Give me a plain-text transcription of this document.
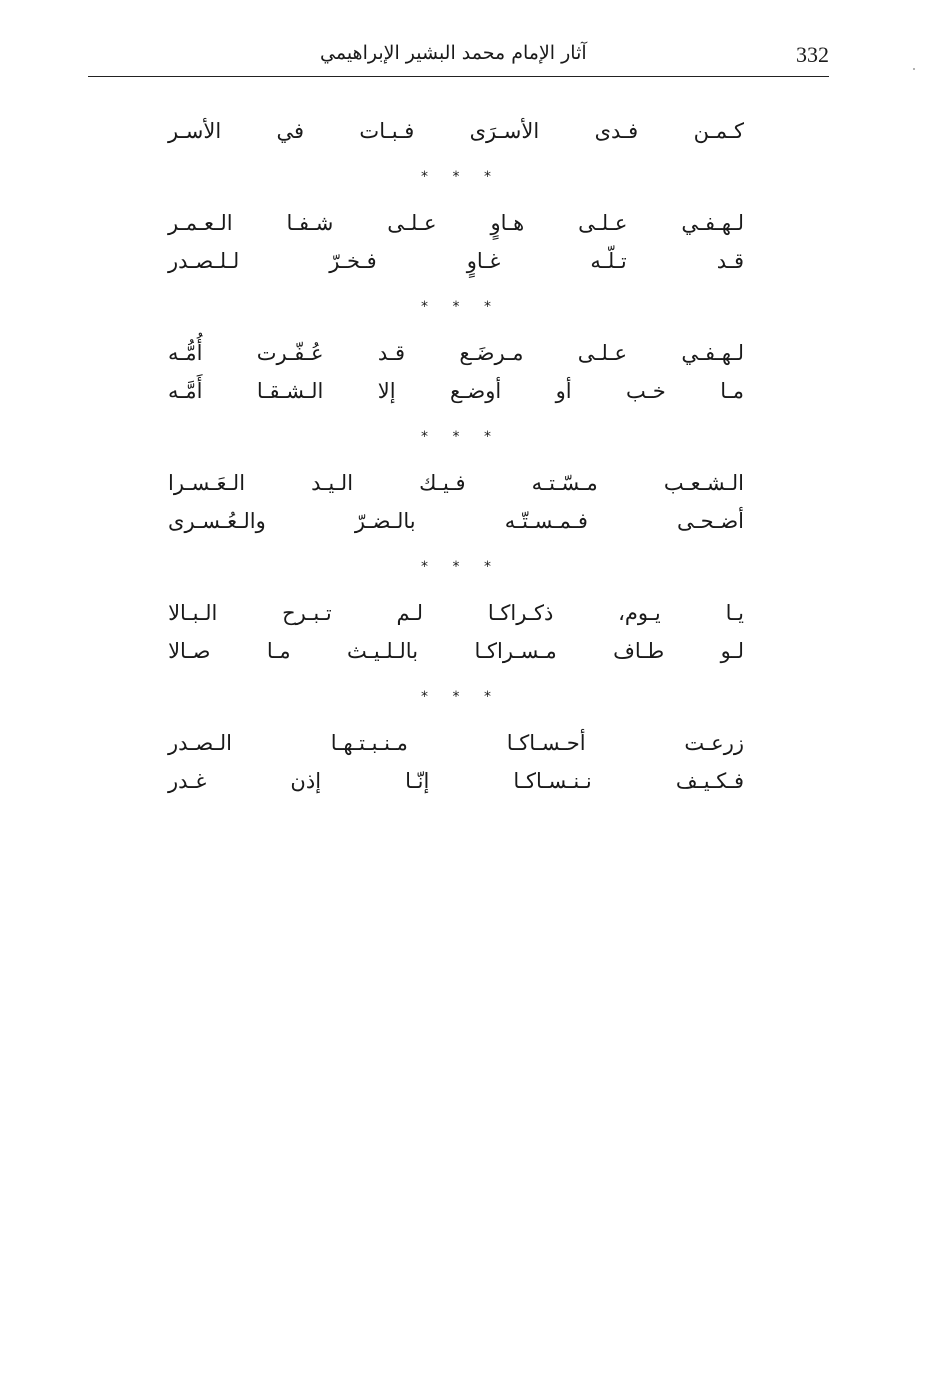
332
آثار الإمام محمد البشير الإبراهيمي
كـمـن
فـدى
الأسـرَى
فـبـات
في
الأسـر
* * *
لـهـفـي
عـلـى
هـاوٍ
عـلـى
شـفـا
الـعـمـر
قـد
تـلّـه
غـاوٍ
فـخـرّ
لـلـصـدر
* * *
لـهـفـي
عـلـى
مـرضَـع
قـد
عُـفّـرت
أُمُّـه
مـا
خـب
أو
أوضـع
إلا
الـشـقـا
أَمَّـه
* * *
الـشـعـب
مـسّـتـه
فـيـك
الـيـد
الـعَـسـرا
أضـحـى
فـمـسـتّـه
بالـضـرّ
والـعُـسـرى
* * *
يـا
يـوم،
ذكـراكـا
لـم
تـبـرح
الـبـالا
لـو
طـاف
مـسـراكـا
بالـلـيـث
مـا
صـالا
* * *
زرعـت
أحـسـاكـا
مـنـبـتـهـا
الـصـدر
فـكـيـف
نـنـسـاكـا
إنّـا
إذن
غـدر
